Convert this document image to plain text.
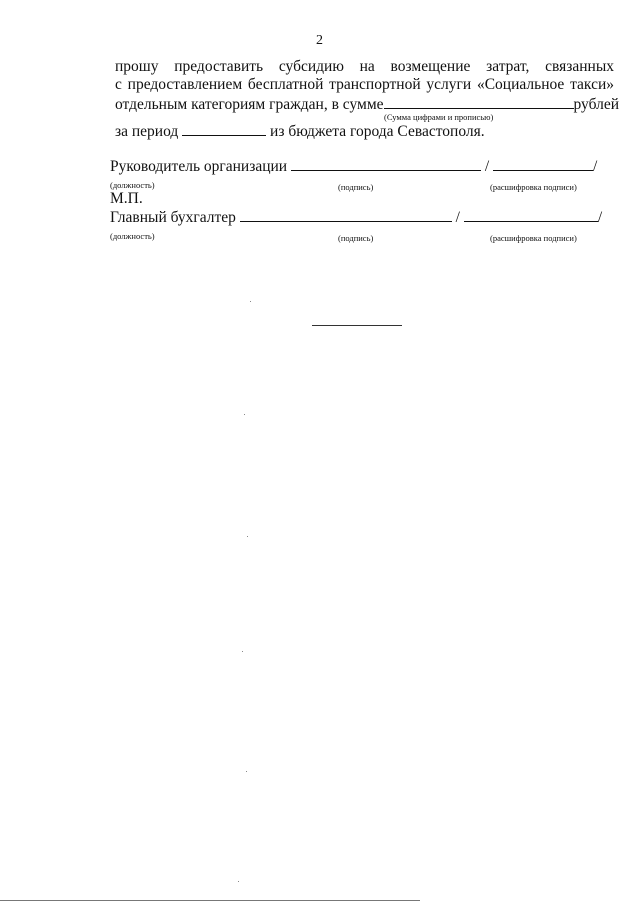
2
прошу предоставить субсидию на возмещение затрат, связанных
с предоставлением бесплатной транспортной услуги «Социальное такси»
отдельным категориям граждан, в сумме	рублей
(Сумма цифрами и прописью)
за период	из бюджета города Севастополя.
Руководитель организации	/	/
(должность)	(подпись)	(расшифровка подписи)
М.П.
Главный бухгалтер	/	/
(должность)	(подпись)	(расшифровка подписи)
